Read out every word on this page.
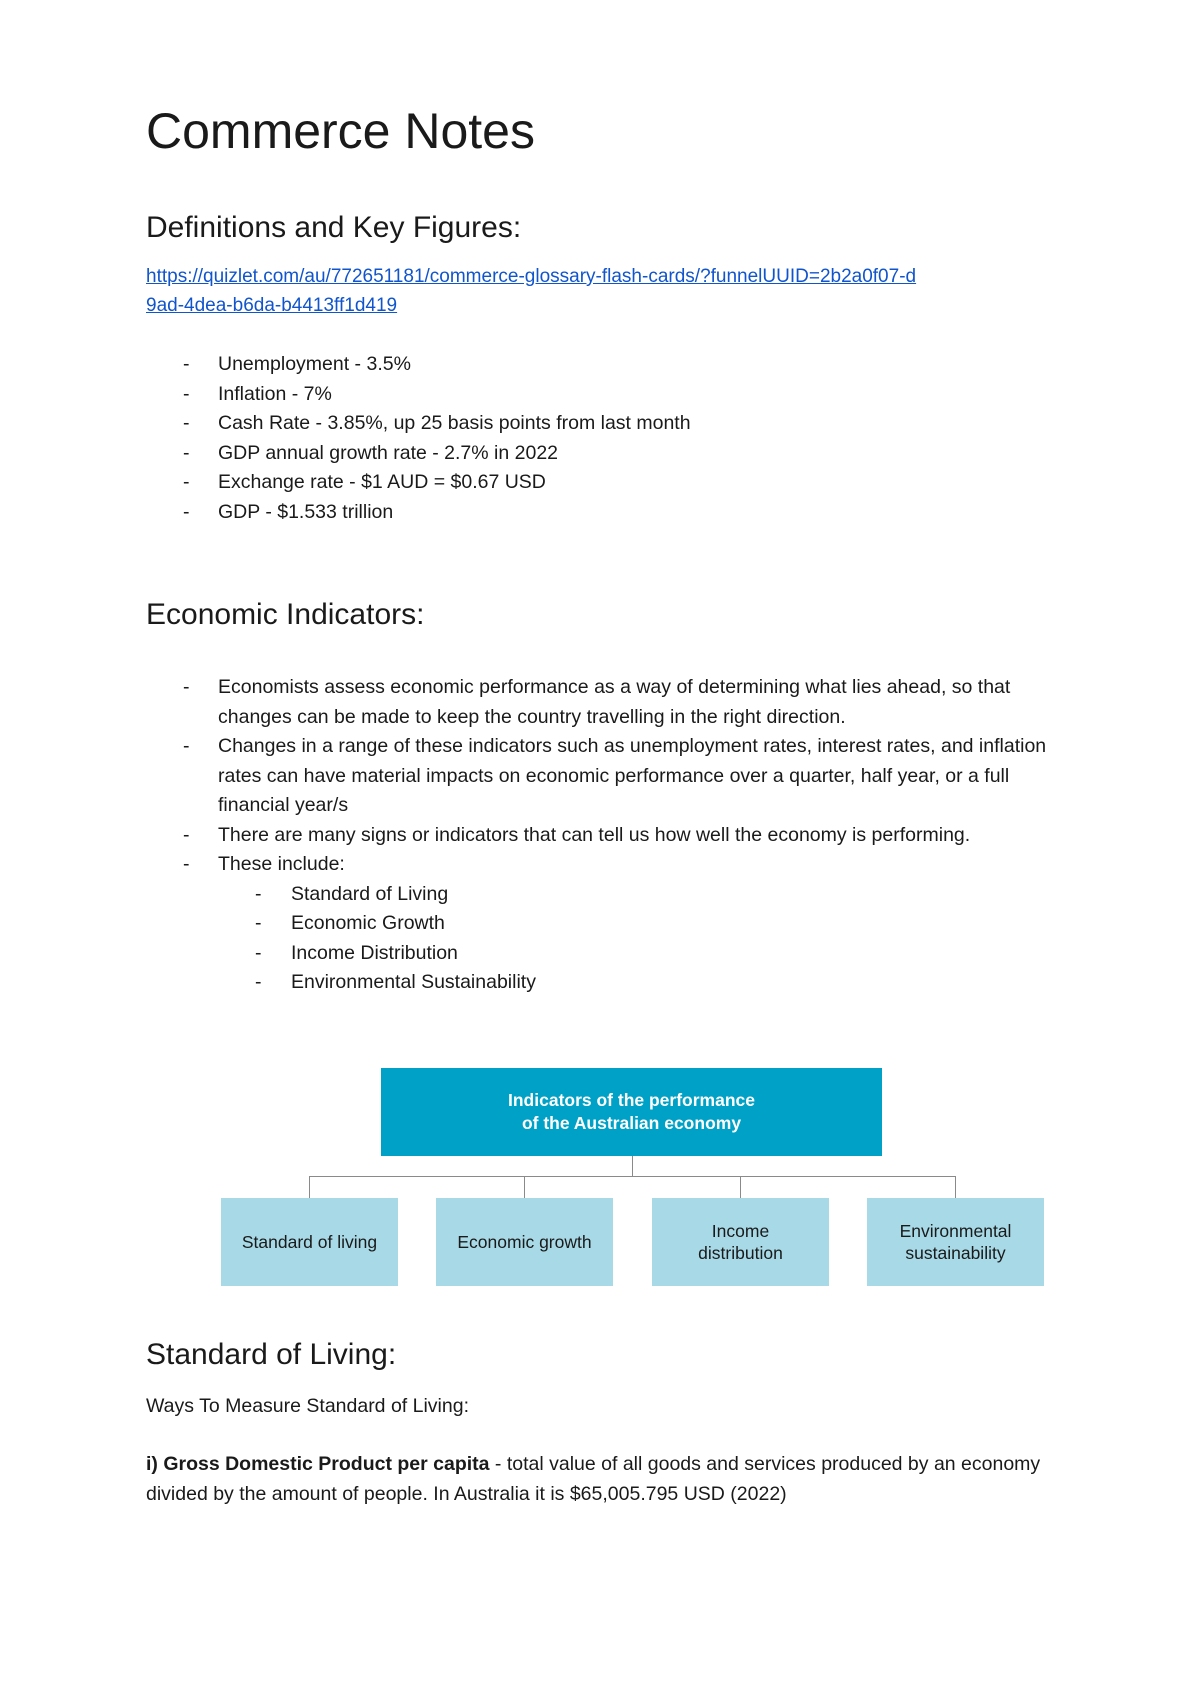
Commerce Notes
Definitions and Key Figures:
https://quizlet.com/au/772651181/commerce-glossary-flash-cards/?funnelUUID=2b2a0f07-d
9ad-4dea-b6da-b4413ff1d419
- Unemployment - 3.5%
- Inflation - 7%
- Cash Rate - 3.85%, up 25 basis points from last month
- GDP annual growth rate - 2.7% in 2022
- Exchange rate - $1 AUD = $0.67 USD
- GDP - $1.533 trillion
Economic Indicators:
- Economists assess economic performance as a way of determining what lies ahead, so that changes can be made to keep the country travelling in the right direction.
- Changes in a range of these indicators such as unemployment rates, interest rates, and inflation rates can have material impacts on economic performance over a quarter, half year, or a full financial year/s
- There are many signs or indicators that can tell us how well the economy is performing.
- These include:
- Standard of Living
- Economic Growth
- Income Distribution
- Environmental Sustainability
Standard of Living:

Ways To Measure Standard of Living:

i) Gross Domestic Product per capita - total value of all goods and services produced by an economy divided by the amount of people. In Australia it is $65,005.795 USD (2022)

Indicators of the performance
of the Australian economy
Standard of living	Economic growth
Income
distribution
Environmental
sustainability
